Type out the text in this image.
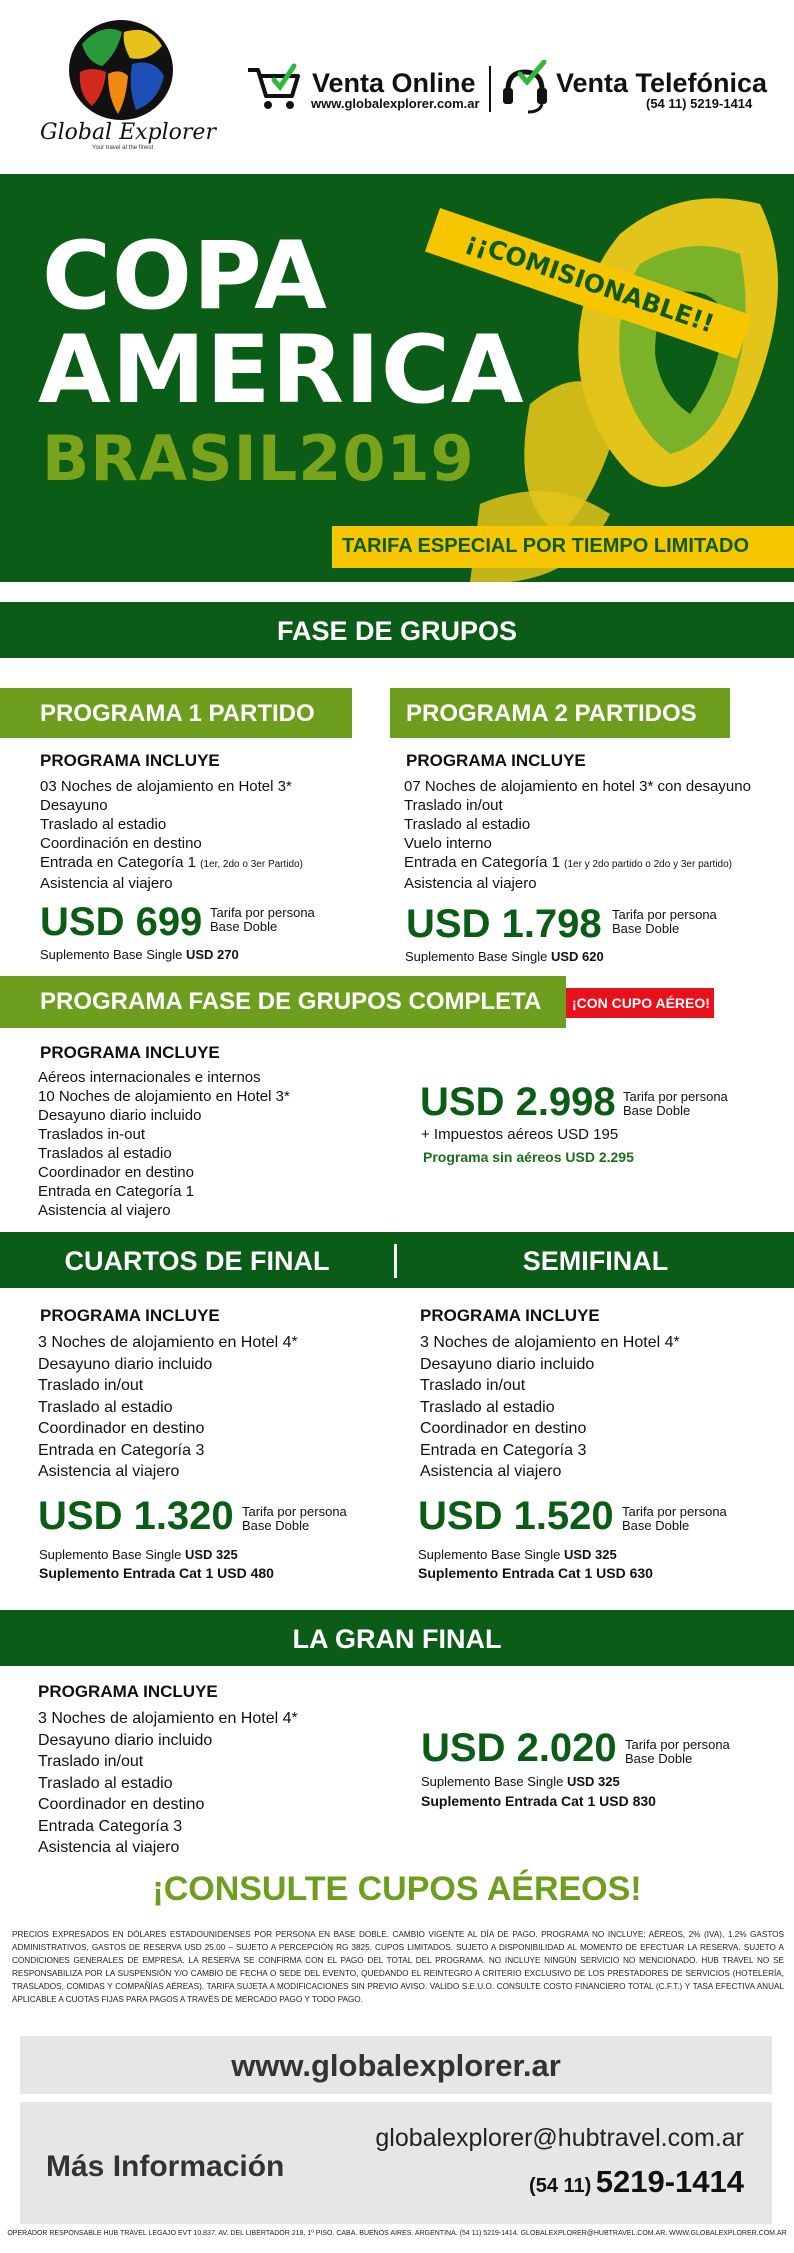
Global Explorer
Your travel at the finest
Venta Online
www.globalexplorer.com.ar
Venta Telefónica
(54 11) 5219-1414
¡¡COMISIONABLE!!
COPA
AMERICA
BRASIL2019
TARIFA ESPECIAL POR TIEMPO LIMITADO
FASE DE GRUPOS
PROGRAMA 1 PARTIDO
PROGRAMA INCLUYE
03 Noches de alojamiento en Hotel 3*
Desayuno
Traslado al estadio
Coordinación en destino
Entrada en Categoría 1 (1er, 2do o 3er Partido)
Asistencia al viajero
USD 699 Tarifa por persona
Base Doble
Suplemento Base Single USD 270
PROGRAMA 2 PARTIDOS
PROGRAMA INCLUYE
07 Noches de alojamiento en hotel 3* con desayuno
Traslado in/out
Traslado al estadio
Vuelo interno
Entrada en Categoría 1 (1er y 2do partido o 2do y 3er partido)
Asistencia al viajero
USD 1.798 Tarifa por persona
Base Doble
Suplemento Base Single USD 620
PROGRAMA FASE DE GRUPOS COMPLETA ¡CON CUPO AÉREO!
PROGRAMA INCLUYE
Aéreos internacionales e internos
10 Noches de alojamiento en Hotel 3*
Desayuno diario incluido
Traslados in-out
Traslados al estadio
Coordinador en destino
Entrada en Categoría 1
Asistencia al viajero
USD 2.998 Tarifa por persona
Base Doble
+ Impuestos aéreos USD 195
Programa sin aéreos USD 2.295
CUARTOS DE FINAL	SEMIFINAL
PROGRAMA INCLUYE
3 Noches de alojamiento en Hotel 4*
Desayuno diario incluido
Traslado in/out
Traslado al estadio
Coordinador en destino
Entrada en Categoría 3
Asistencia al viajero
USD 1.320 Tarifa por persona
Base Doble
Suplemento Base Single USD 325
Suplemento Entrada Cat 1 USD 480
PROGRAMA INCLUYE
3 Noches de alojamiento en Hotel 4*
Desayuno diario incluido
Traslado in/out
Traslado al estadio
Coordinador en destino
Entrada en Categoría 3
Asistencia al viajero
USD 1.520 Tarifa por persona
Base Doble
Suplemento Base Single USD 325
Suplemento Entrada Cat 1 USD 630
LA GRAN FINAL
PROGRAMA INCLUYE
3 Noches de alojamiento en Hotel 4*
Desayuno diario incluido
Traslado in/out
Traslado al estadio
Coordinador en destino
Entrada Categoría 3
Asistencia al viajero
USD 2.020 Tarifa por persona
Base Doble
Suplemento Base Single USD 325
Suplemento Entrada Cat 1 USD 830
¡CONSULTE CUPOS AÉREOS!
PRECIOS EXPRESADOS EN DÓLARES ESTADOUNIDENSES POR PERSONA EN BASE DOBLE. CAMBIO VIGENTE AL DÍA DE PAGO. PROGRAMA NO INCLUYE: AÉREOS, 2% (IVA), 1.2% GASTOS ADMINISTRATIVOS, GASTOS DE RESERVA USD 25.00 – SUJETO A PERCEPCIÓN RG 3825. CUPOS LIMITADOS. SUJETO A DISPONIBILIDAD AL MOMENTO DE EFECTUAR LA RESERVA. SUJETO A CONDICIONES GENERALES DE EMPRESA. LA RESERVA SE CONFIRMA CON EL PAGO DEL TOTAL DEL PROGRAMA. NO INCLUYE NINGÚN SERVICIO NO MENCIONADO. HUB TRAVEL NO SE RESPONSABILIZA POR LA SUSPENSIÓN Y/O CAMBIO DE FECHA O SEDE DEL EVENTO, QUEDANDO EL REINTEGRO A CRITERIO EXCLUSIVO DE LOS PRESTADORES DE SERVICIOS (HOTELERÍA, TRASLADOS, COMIDAS Y COMPAÑÍAS AÉREAS). TARIFA SUJETA A MODIFICACIONES SIN PREVIO AVISO. VALIDO S.E.U.O. CONSULTE COSTO FINANCIERO TOTAL (C.F.T.) Y TASA EFECTIVA ANUAL APLICABLE A CUOTAS FIJAS PARA PAGOS A TRAVÉS DE MERCADO PAGO Y TODO PAGO.
www.globalexplorer.ar
Más Información
globalexplorer@hubtravel.com.ar
(54 11) 5219-1414
OPERADOR RESPONSABLE HUB TRAVEL LEGAJO EVT 10.837. AV. DEL LIBERTADOR 218, 1º PISO. CABA. BUENOS AIRES. ARGENTINA. (54 11) 5219-1414. GLOBALEXPLORER@HUBTRAVEL.COM.AR. WWW.GLOBALEXPLORER.COM.AR
